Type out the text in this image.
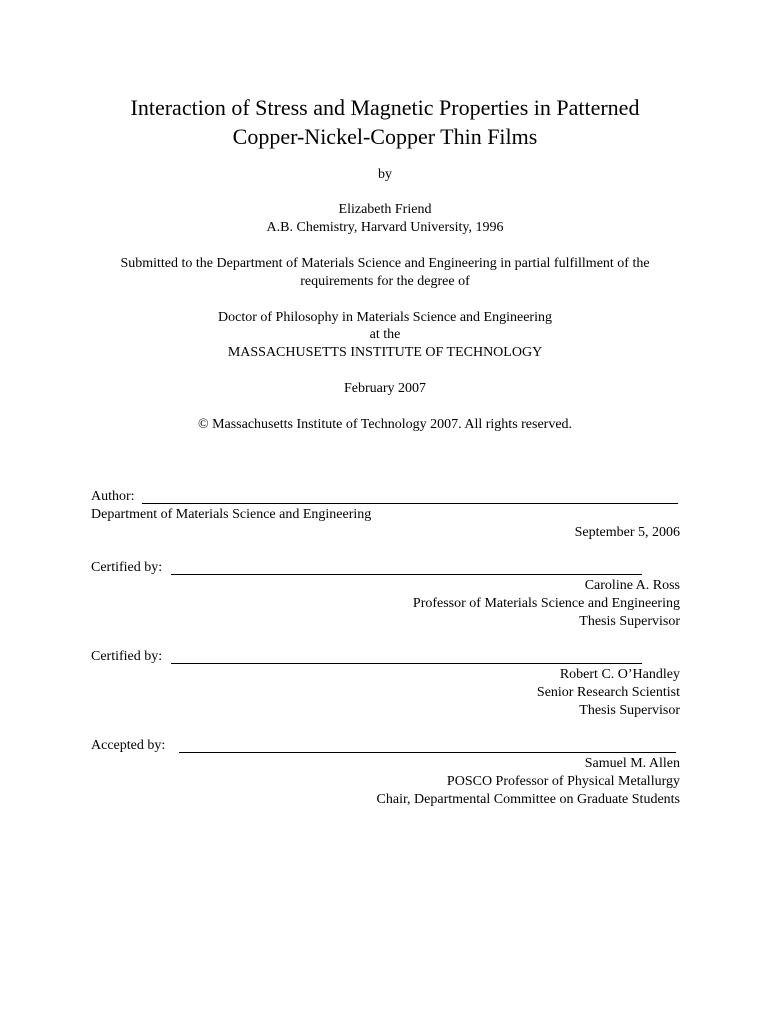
Interaction of Stress and Magnetic Properties in Patterned
Copper-Nickel-Copper Thin Films
by
Elizabeth Friend
A.B. Chemistry, Harvard University, 1996
Submitted to the Department of Materials Science and Engineering in partial fulfillment of the
requirements for the degree of
Doctor of Philosophy in Materials Science and Engineering
at the
MASSACHUSETTS INSTITUTE OF TECHNOLOGY
February 2007
© Massachusetts Institute of Technology 2007. All rights reserved.
Author:
Department of Materials Science and Engineering
September 5, 2006
Certified by:
Caroline A. Ross
Professor of Materials Science and Engineering
Thesis Supervisor
Certified by:
Robert C. O’Handley
Senior Research Scientist
Thesis Supervisor
Accepted by:
Samuel M. Allen
POSCO Professor of Physical Metallurgy
Chair, Departmental Committee on Graduate Students
